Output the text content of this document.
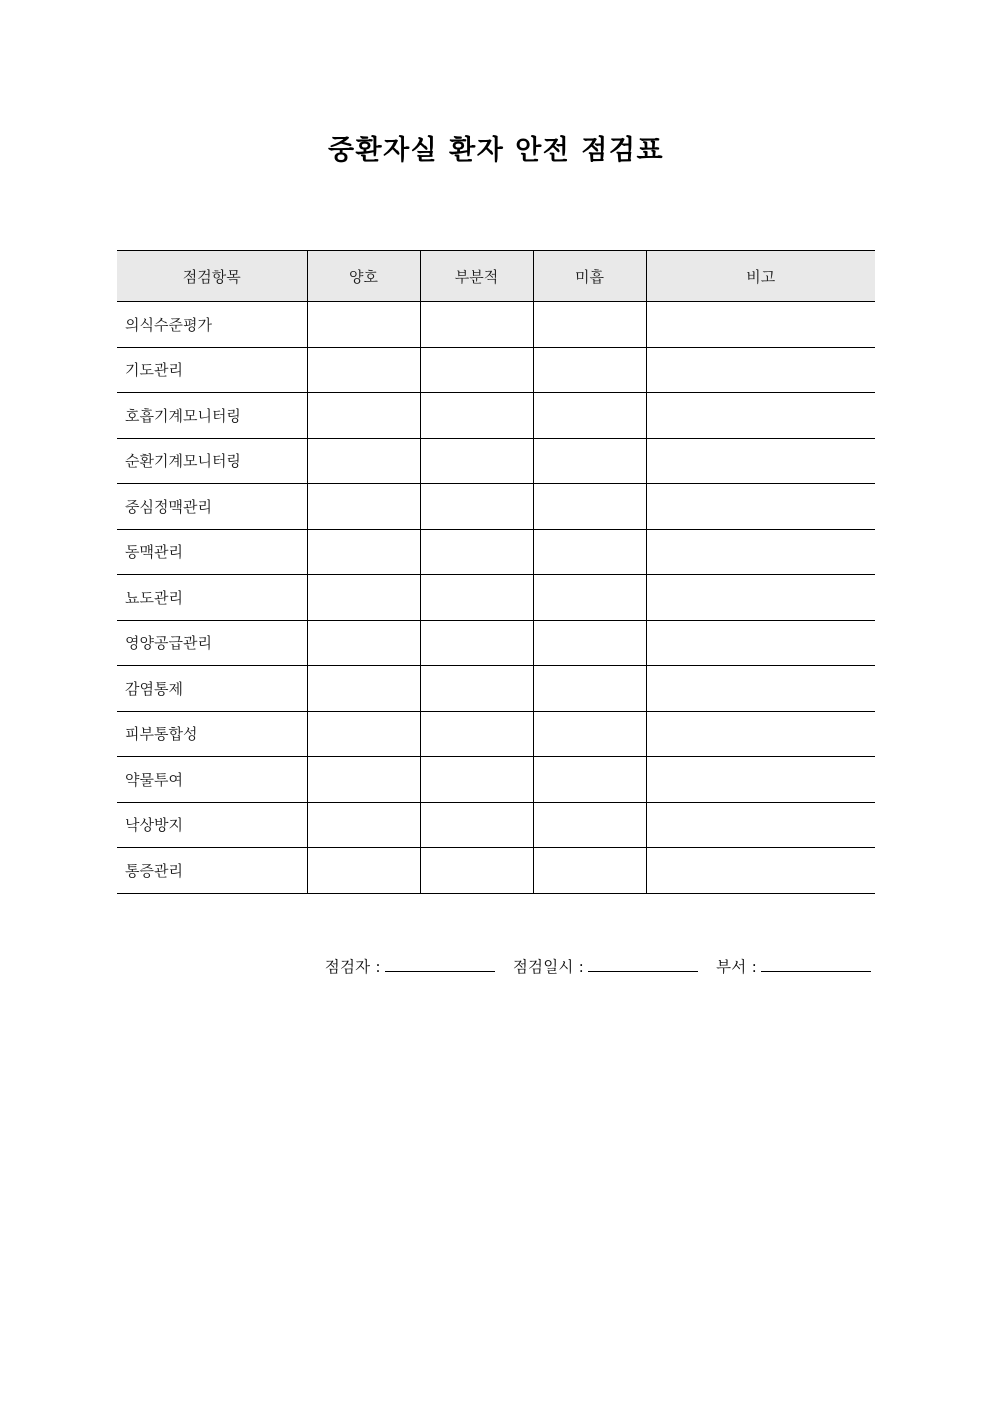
중환자실 환자 안전 점검표
점검항목	양호	부분적	미흡	비고
의식수준평가				
기도관리				
호흡기계모니터링				
순환기계모니터링				
중심정맥관리				
동맥관리				
뇨도관리				
영양공급관리				
감염통제				
피부통합성				
약물투여				
낙상방지				
통증관리				
점검자 :	점검일시 :	부서 :
